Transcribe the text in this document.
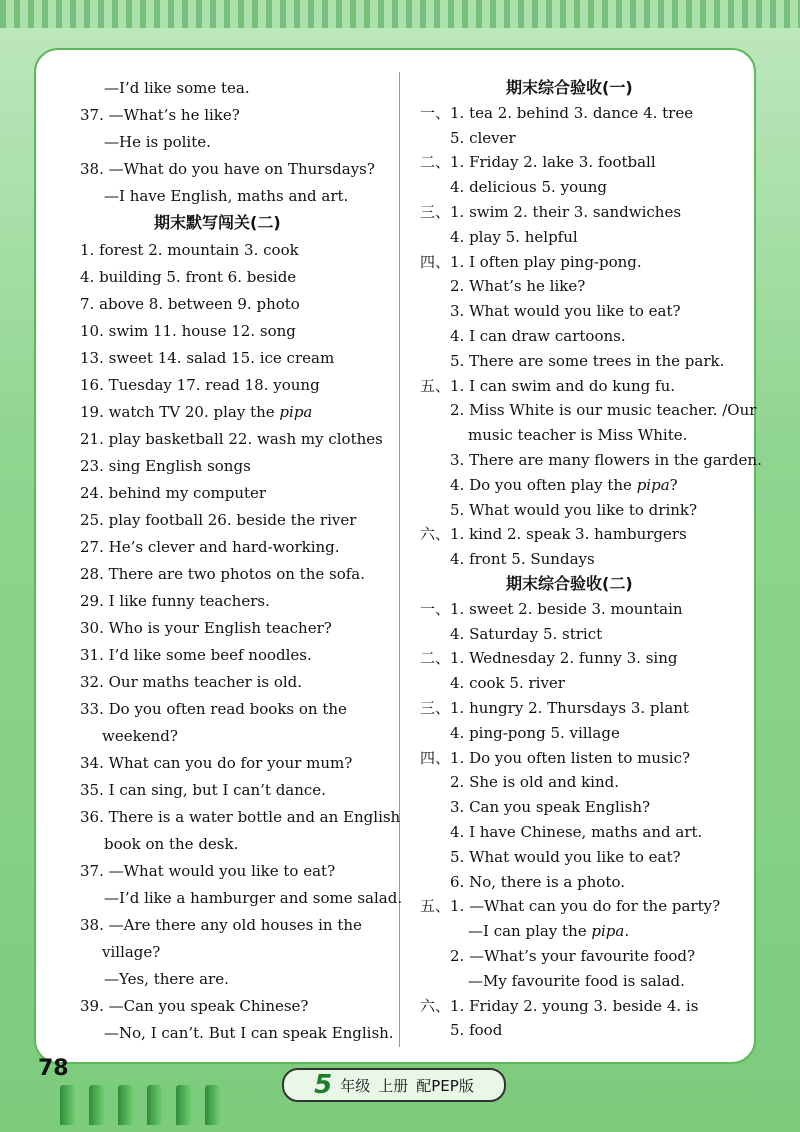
—I’d like some tea.
37. —What’s he like?
—He is polite.
38. —What do you have on Thursdays?
—I have English, maths and art.
期末默写闯关(二)
1. forest 2. mountain 3. cook
4. building 5. front 6. beside
7. above 8. between 9. photo
10. swim 11. house 12. song
13. sweet 14. salad 15. ice cream
16. Tuesday 17. read 18. young
19. watch TV 20. play the pipa
21. play basketball 22. wash my clothes
23. sing English songs
24. behind my computer
25. play football 26. beside the river
27. He’s clever and hard-working.
28. There are two photos on the sofa.
29. I like funny teachers.
30. Who is your English teacher?
31. I’d like some beef noodles.
32. Our maths teacher is old.
33. Do you often read books on the
weekend?
34. What can you do for your mum?
35. I can sing, but I can’t dance.
36. There is a water bottle and an English
book on the desk.
37. —What would you like to eat?
—I’d like a hamburger and some salad.
38. —Are there any old houses in the
village?
—Yes, there are.
39. —Can you speak Chinese?
—No, I can’t. But I can speak English.
期末综合验收(一)
一、1. tea 2. behind 3. dance 4. tree
5. clever
二、1. Friday 2. lake 3. football
4. delicious 5. young
三、1. swim 2. their 3. sandwiches
4. play 5. helpful
四、1. I often play ping-pong.
2. What’s he like?
3. What would you like to eat?
4. I can draw cartoons.
5. There are some trees in the park.
五、1. I can swim and do kung fu.
2. Miss White is our music teacher. /Our
music teacher is Miss White.
3. There are many flowers in the garden.
4. Do you often play the pipa?
5. What would you like to drink?
六、1. kind 2. speak 3. hamburgers
4. front 5. Sundays
期末综合验收(二)
一、1. sweet 2. beside 3. mountain
4. Saturday 5. strict
二、1. Wednesday 2. funny 3. sing
4. cook 5. river
三、1. hungry 2. Thursdays 3. plant
4. ping-pong 5. village
四、1. Do you often listen to music?
2. She is old and kind.
3. Can you speak English?
4. I have Chinese, maths and art.
5. What would you like to eat?
6. No, there is a photo.
五、1. —What can you do for the party?
—I can play the pipa.
2. —What’s your favourite food?
—My favourite food is salad.
六、1. Friday 2. young 3. beside 4. is
5. food
78
5 年级 上册 配PEP版
